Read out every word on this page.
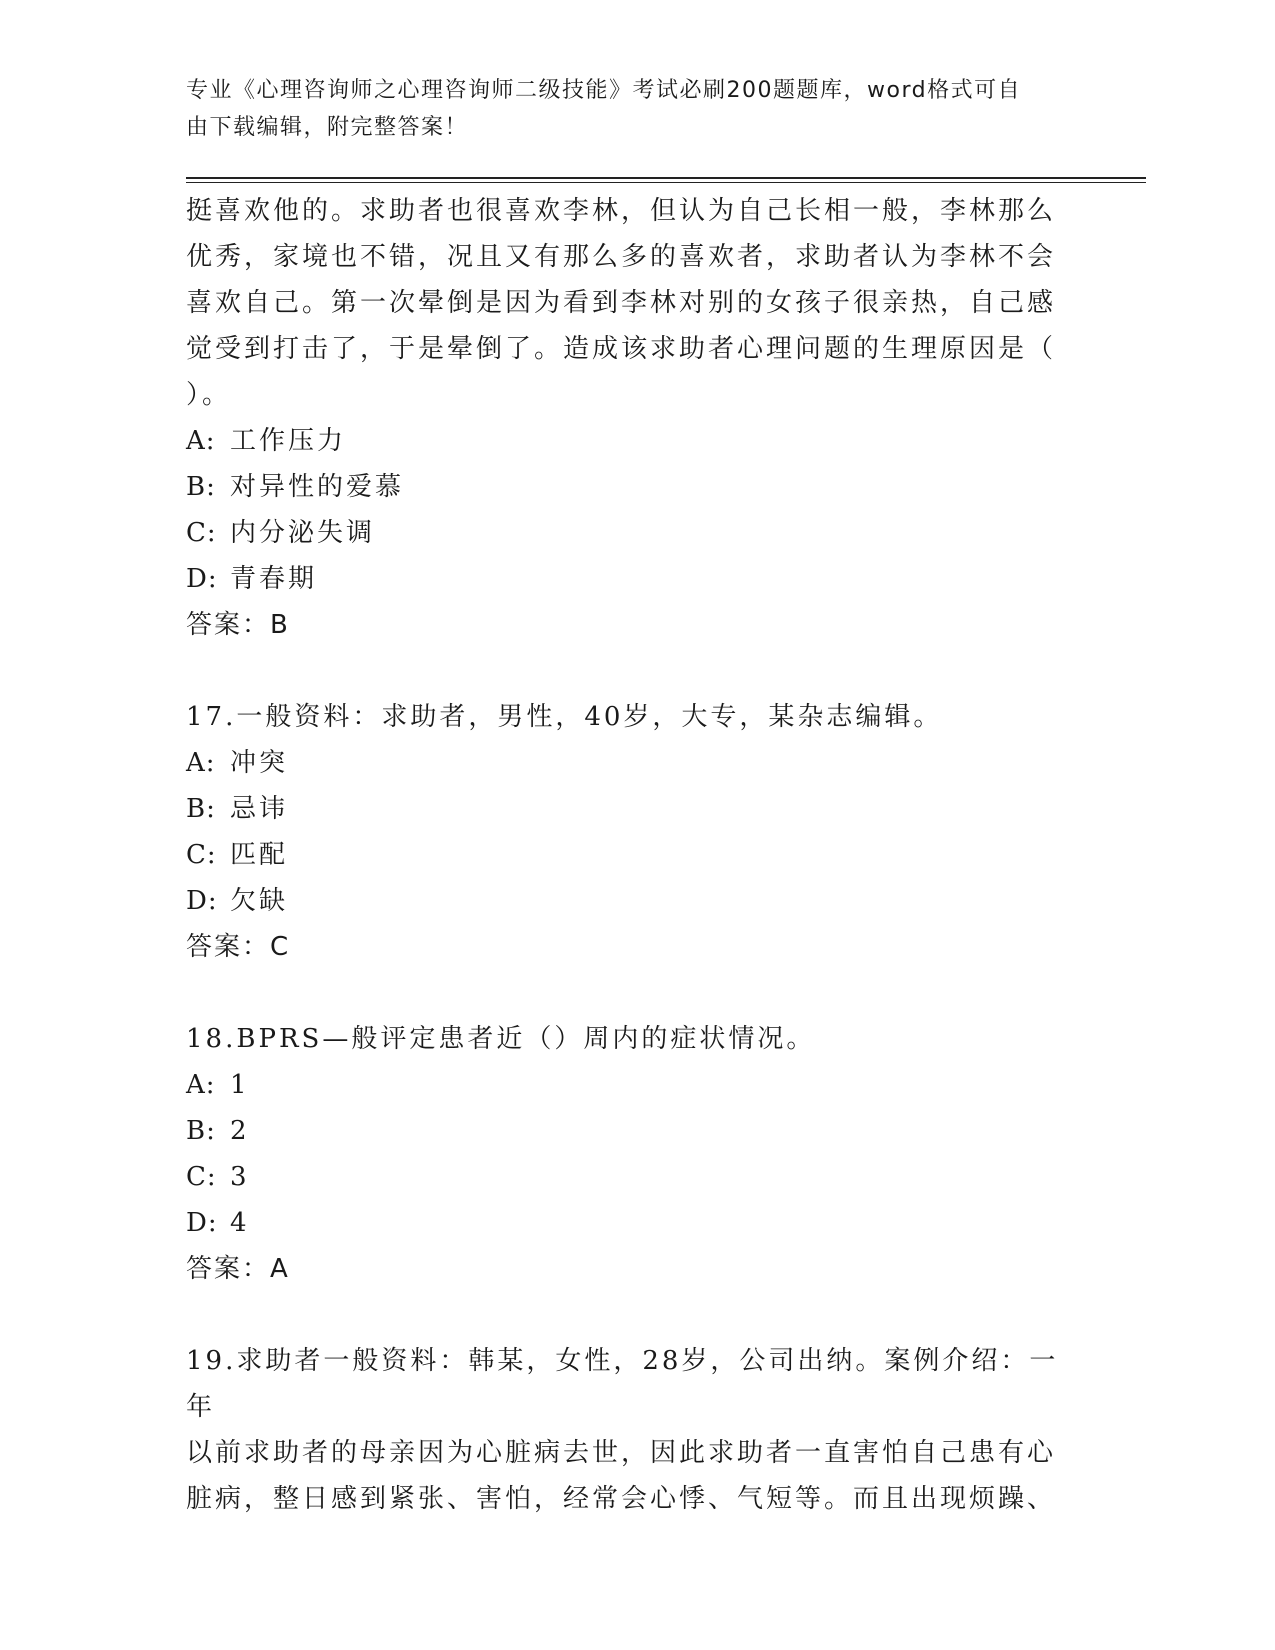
专业《心理咨询师之心理咨询师二级技能》考试必刷200题题库，word格式可自
由下载编辑，附完整答案！

挺喜欢他的。求助者也很喜欢李林，但认为自己长相一般，李林那么

优秀，家境也不错，况且又有那么多的喜欢者，求助者认为李林不会

喜欢自己。第一次晕倒是因为看到李林对别的女孩子很亲热，自己感

觉受到打击了，于是晕倒了。造成该求助者心理问题的生理原因是（

）。

A: 工作压力

B: 对异性的爱慕

C: 内分泌失调

D: 青春期

答案：B

17.一般资料：求助者，男性，40岁，大专，某杂志编辑。

A: 冲突

B: 忌讳

C: 匹配

D: 欠缺

答案：C

18.BPRS—般评定患者近（）周内的症状情况。

A: 1

B: 2

C: 3

D: 4

答案：A

19.求助者一般资料：韩某，女性，28岁，公司出纳。案例介绍：一年

以前求助者的母亲因为心脏病去世，因此求助者一直害怕自己患有心

脏病，整日感到紧张、害怕，经常会心悸、气短等。而且出现烦躁、
